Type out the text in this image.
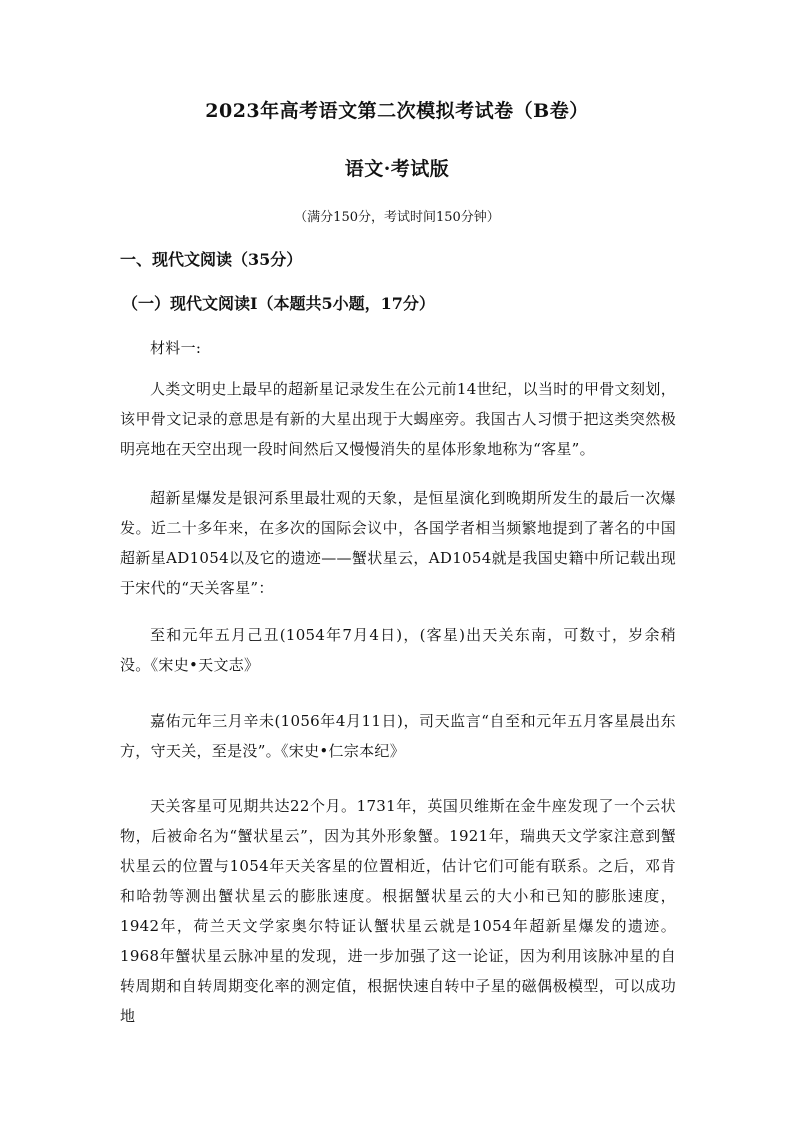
2023年高考语文第二次模拟考试卷（B卷）
语文·考试版
（满分150分，考试时间150分钟）
一、现代文阅读（35分）
（一）现代文阅读Ⅰ（本题共5小题，17分）
材料一:
人类文明史上最早的超新星记录发生在公元前14世纪，以当时的甲骨文刻划，该甲骨文记录的意思是有新的大星出现于大蝎座旁。我国古人习惯于把这类突然极明亮地在天空出现一段时间然后又慢慢消失的星体形象地称为“客星”。
超新星爆发是银河系里最壮观的天象，是恒星演化到晚期所发生的最后一次爆发。近二十多年来，在多次的国际会议中，各国学者相当频繁地提到了著名的中国超新星AD1054以及它的遗迹——蟹状星云，AD1054就是我国史籍中所记载出现于宋代的“天关客星”：
至和元年五月己丑(1054年7月4日)，(客星)出天关东南，可数寸，岁余稍没。《宋史•天文志》
嘉佑元年三月辛未(1056年4月11日)，司天监言“自至和元年五月客星晨出东方，守天关，至是没”。《宋史•仁宗本纪》
天关客星可见期共达22个月。1731年，英国贝维斯在金牛座发现了一个云状物，后被命名为“蟹状星云”，因为其外形象蟹。1921年，瑞典天文学家注意到蟹状星云的位置与1054年天关客星的位置相近，估计它们可能有联系。之后，邓肯和哈勃等测出蟹状星云的膨胀速度。根据蟹状星云的大小和已知的膨胀速度，1942年，荷兰天文学家奥尔特证认蟹状星云就是1054年超新星爆发的遗迹。1968年蟹状星云脉冲星的发现，进一步加强了这一论证，因为利用该脉冲星的自转周期和自转周期变化率的测定值，根据快速自转中子星的磁偶极模型，可以成功地
